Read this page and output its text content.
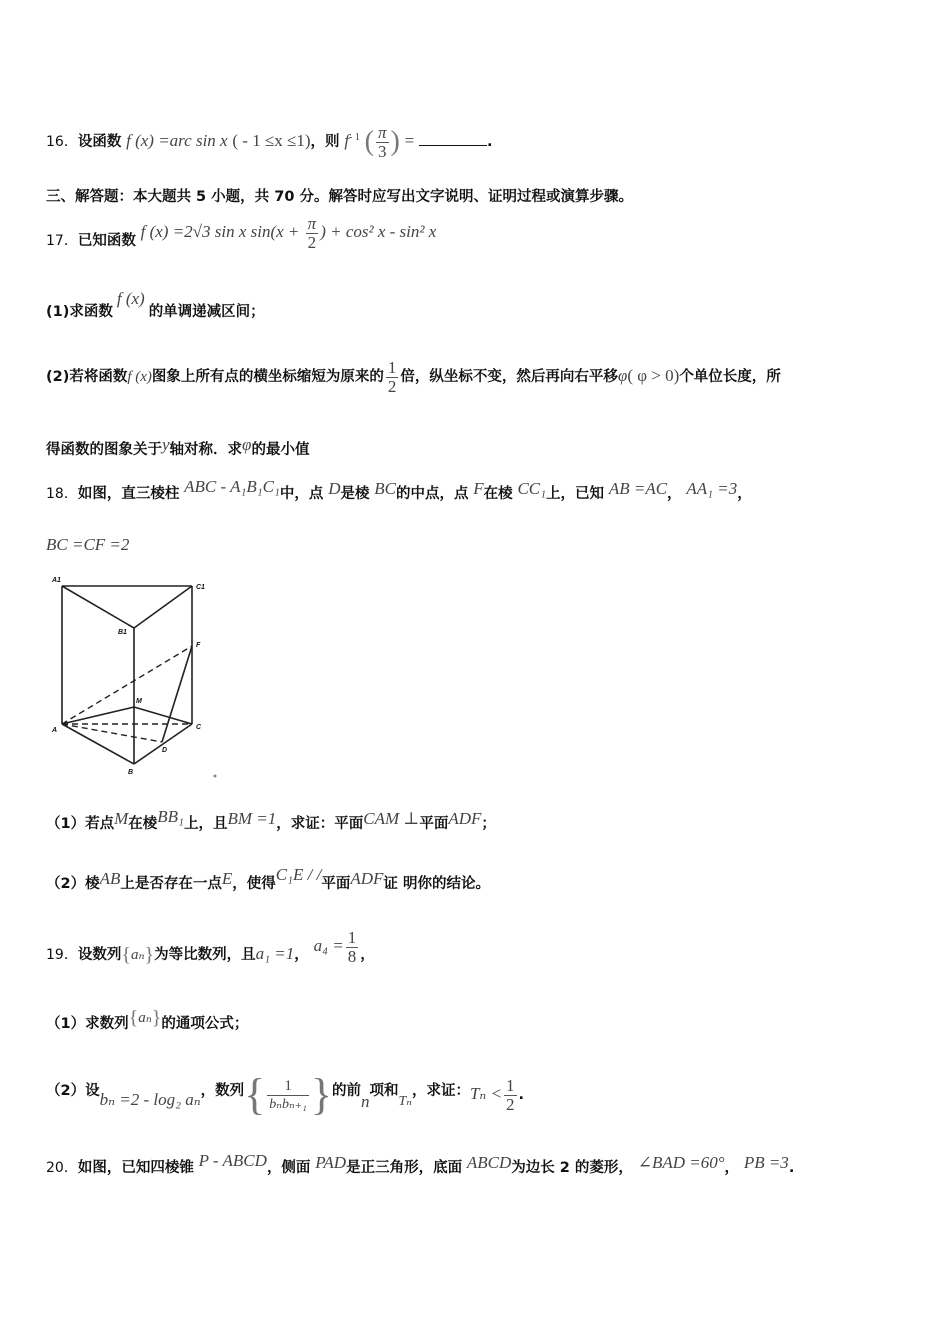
16．设函数 f (x) =arc sin x ( - 1 ≤x ≤1)，则 $f^{- 1}$ ( $\frac{\pi}{3}$ ) =	.
三、解答题：本大题共 5 小题，共 70 分。解答时应写出文字说明、证明过程或演算步骤。
17．已知函数 f (x) =2√3 sin x $\sin(x + \frac{\pi}{2}$ ) + cos² x - sin² x
(1)求函数f (x)的单调递减区间；
(2)若将函数f (x)图象上所有点的横坐标缩短为原来的 $\frac{1}{2}$ 倍，纵坐标不变，然后再向右平移φ( φ > 0)个单位长度，所
得函数的图象关于y轴对称．求φ的最小值
18．如图，直三棱柱 ABC - A₁B₁C₁中，点 D是棱 BC的中点，点 F在棱 CC₁上，已知 AB =AC， AA₁ =3，
BC =CF =2
A1
C1
B1
F
M
A	C
D
B
（1）若点M在棱BB₁上，且BM =1，求证：平面CAM ⊥平面ADF；
（2）棱AB上是否存在一点E，使得C₁E / /平面ADF证 明你的结论。
19．设数列{aₙ}为等比数列，且a₁ =1， $a_4 = \frac{1}{8}$ ，
（1）求数列{aₙ}的通项公式；
（2）设bₙ =2 - log₂ aₙ，数列{ $\frac{1}{\text{bₙbₙ₊₁}}$ }的前n项和Tₙ，求证：$T_n < \frac{1}{2}$ .
20．如图，已知四棱锥 P - ABCD，侧面 PAD是正三角形，底面 ABCD为边长 2 的菱形， ∠BAD =60°， PB =3.
